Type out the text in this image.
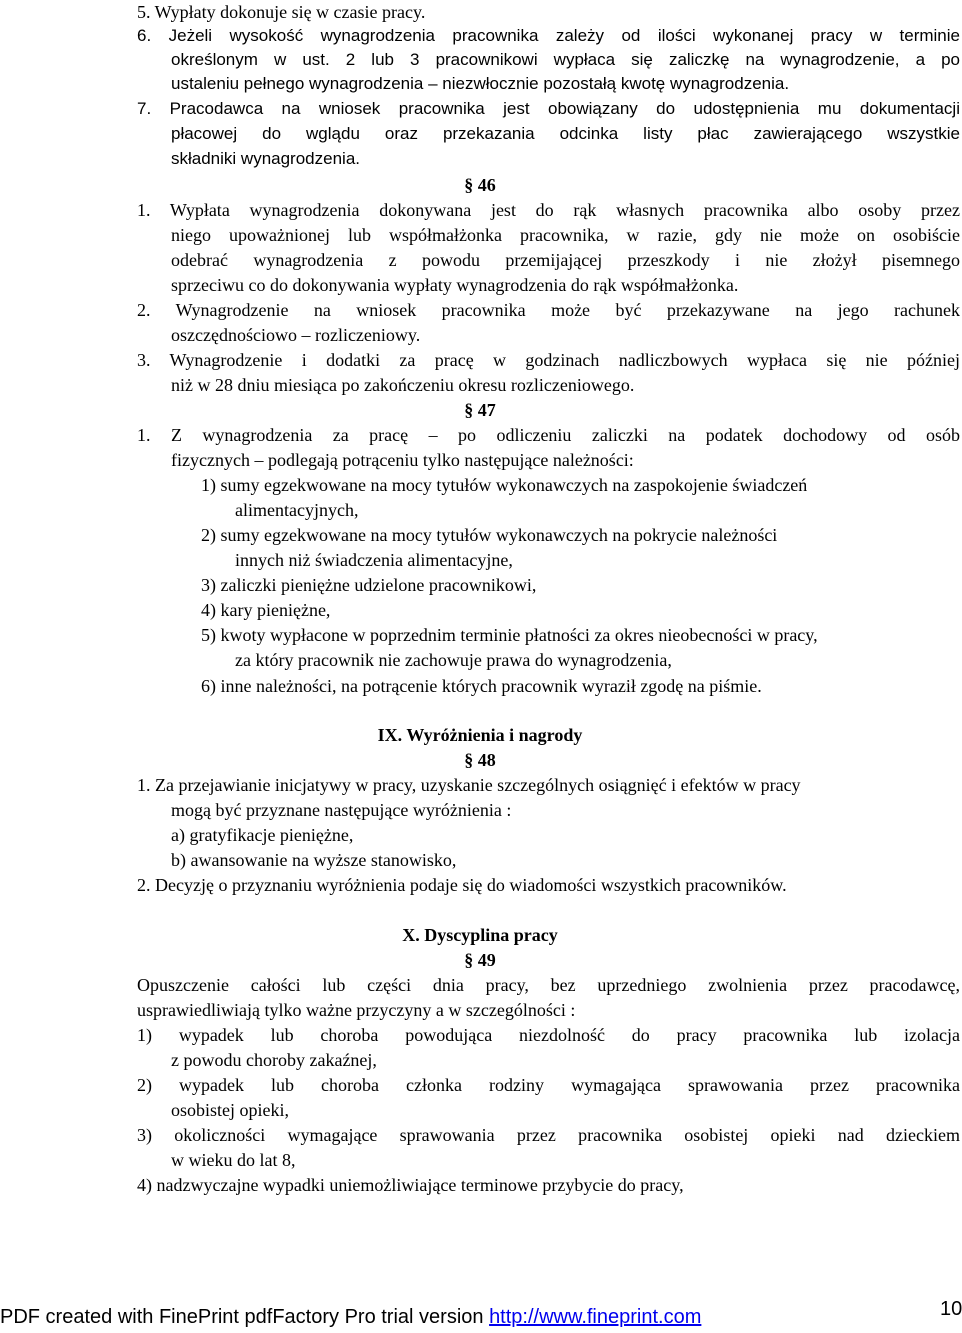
5. Wypłaty dokonuje się w czasie pracy.
6. Jeżeli wysokość wynagrodzenia pracownika zależy od ilości wykonanej pracy w terminie
określonym w ust. 2 lub 3 pracownikowi wypłaca się zaliczkę na wynagrodzenie, a po
ustaleniu pełnego wynagrodzenia – niezwłocznie pozostałą kwotę wynagrodzenia.
7. Pracodawca na wniosek pracownika jest obowiązany do udostępnienia mu dokumentacji
płacowej do wglądu oraz przekazania odcinka listy płac zawierającego wszystkie
składniki wynagrodzenia.
§ 46
1. Wypłata wynagrodzenia dokonywana jest do rąk własnych pracownika albo osoby przez
niego upoważnionej lub współmałżonka pracownika, w razie, gdy nie może on osobiście
odebrać wynagrodzenia z powodu przemijającej przeszkody i nie złożył pisemnego
sprzeciwu co do dokonywania wypłaty wynagrodzenia do rąk współmałżonka.
2. Wynagrodzenie na wniosek pracownika może być przekazywane na jego rachunek
oszczędnościowo – rozliczeniowy.
3. Wynagrodzenie i dodatki za pracę w godzinach nadliczbowych wypłaca się nie później
niż w 28 dniu miesiąca po zakończeniu okresu rozliczeniowego.
§ 47
1. Z wynagrodzenia za pracę – po odliczeniu zaliczki na podatek dochodowy od osób
fizycznych – podlegają potrąceniu tylko następujące należności:
1) sumy egzekwowane na mocy tytułów wykonawczych na zaspokojenie świadczeń
alimentacyjnych,
2) sumy egzekwowane na mocy tytułów wykonawczych na pokrycie należności
innych niż świadczenia alimentacyjne,
3) zaliczki pieniężne udzielone pracownikowi,
4) kary pieniężne,
5) kwoty wypłacone w poprzednim terminie płatności za okres nieobecności w pracy,
za który pracownik nie zachowuje prawa do wynagrodzenia,
6) inne należności, na potrącenie których pracownik wyraził zgodę na piśmie.
IX. Wyróżnienia i nagrody
§ 48
1. Za przejawianie inicjatywy w pracy, uzyskanie szczególnych osiągnięć i efektów w pracy
mogą być przyznane następujące wyróżnienia :
a) gratyfikacje pieniężne,
b) awansowanie na wyższe stanowisko,
2. Decyzję o przyznaniu wyróżnienia podaje się do wiadomości wszystkich pracowników.
X. Dyscyplina pracy
§ 49
Opuszczenie całości lub części dnia pracy, bez uprzedniego zwolnienia przez pracodawcę,
usprawiedliwiają tylko ważne przyczyny a w szczególności :
1) wypadek lub choroba powodująca niezdolność do pracy pracownika lub izolacja
z powodu choroby zakaźnej,
2) wypadek lub choroba członka rodziny wymagająca sprawowania przez pracownika
osobistej opieki,
3) okoliczności wymagające sprawowania przez pracownika osobistej opieki nad dzieckiem
w wieku do lat 8,
4) nadzwyczajne wypadki uniemożliwiające terminowe przybycie do pracy,
PDF created with FinePrint pdfFactory Pro trial version http://www.fineprint.com	10
